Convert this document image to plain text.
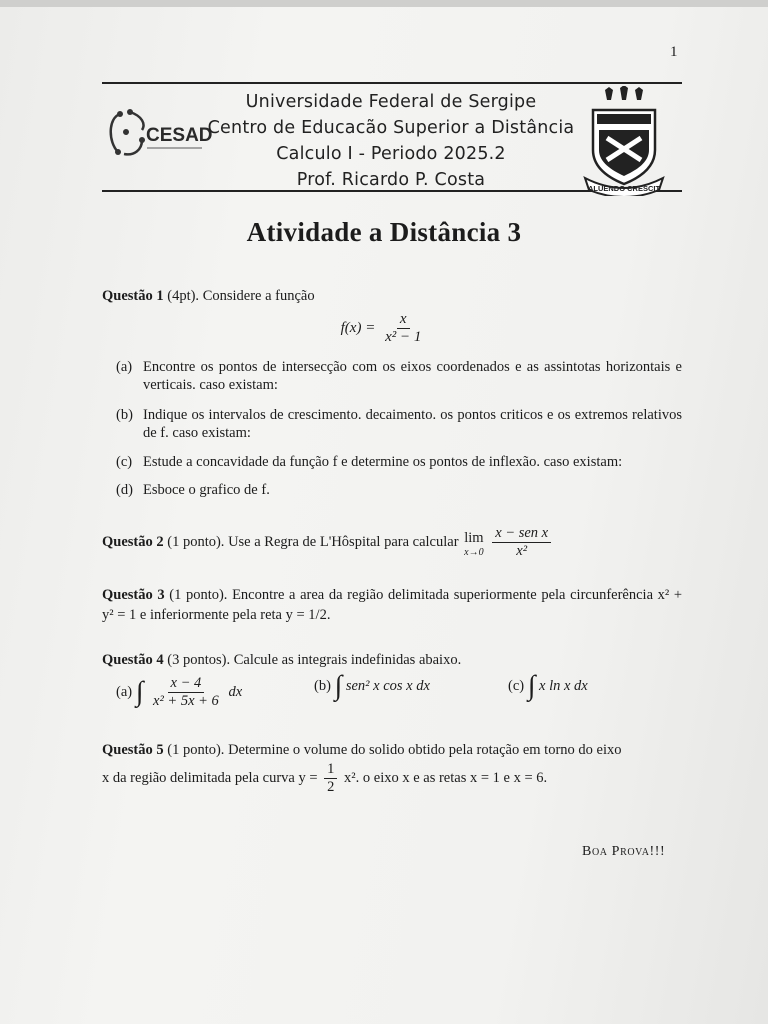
1
CESAD
Universidade Federal de Sergipe
Centro de Educacão Superior a Distância
Calculo I - Periodo 2025.2
Prof. Ricardo P. Costa	ALUENDO CRESCIT
Atividade a Distância 3
Questão 1 (4pt). Considere a função
$f(x) = \frac{x}{\text{x² − 1}}$
(a) Encontre os pontos de intersecção com os eixos coordenados e as assintotas horizontais e verticais. caso existam:
(b) Indique os intervalos de crescimento. decaimento. os pontos criticos e os extremos relativos de f. caso existam:
(c) Estude a concavidade da função f e determine os pontos de inflexão. caso existam:
(d) Esboce o grafico de f.
Questão 2 (1 ponto). Use a Regra de L'Hôspital para calcular lim
x→0
$\frac{\text{x − sen x}}{\text{x²}}$
Questão 3 (1 ponto). Encontre a area da região delimitada superiormente pela circunferência x² + y² = 1 e inferiormente pela reta y = 1/2.
Questão 4 (3 pontos). Calcule as integrais indefinidas abaixo.
(a) ∫ $\frac{x - 4}{\text{x² + 5x + 6}}$ dx	(b) ∫ sen² x cos x dx	(c) ∫ x ln x dx
Questão 5 (1 ponto). Determine o volume do solido obtido pela rotação em torno do eixo
x da região delimitada pela curva $y = \frac{1}{2} x^2$. o eixo x e as retas x = 1 e x = 6.
Boa Prova!!!
